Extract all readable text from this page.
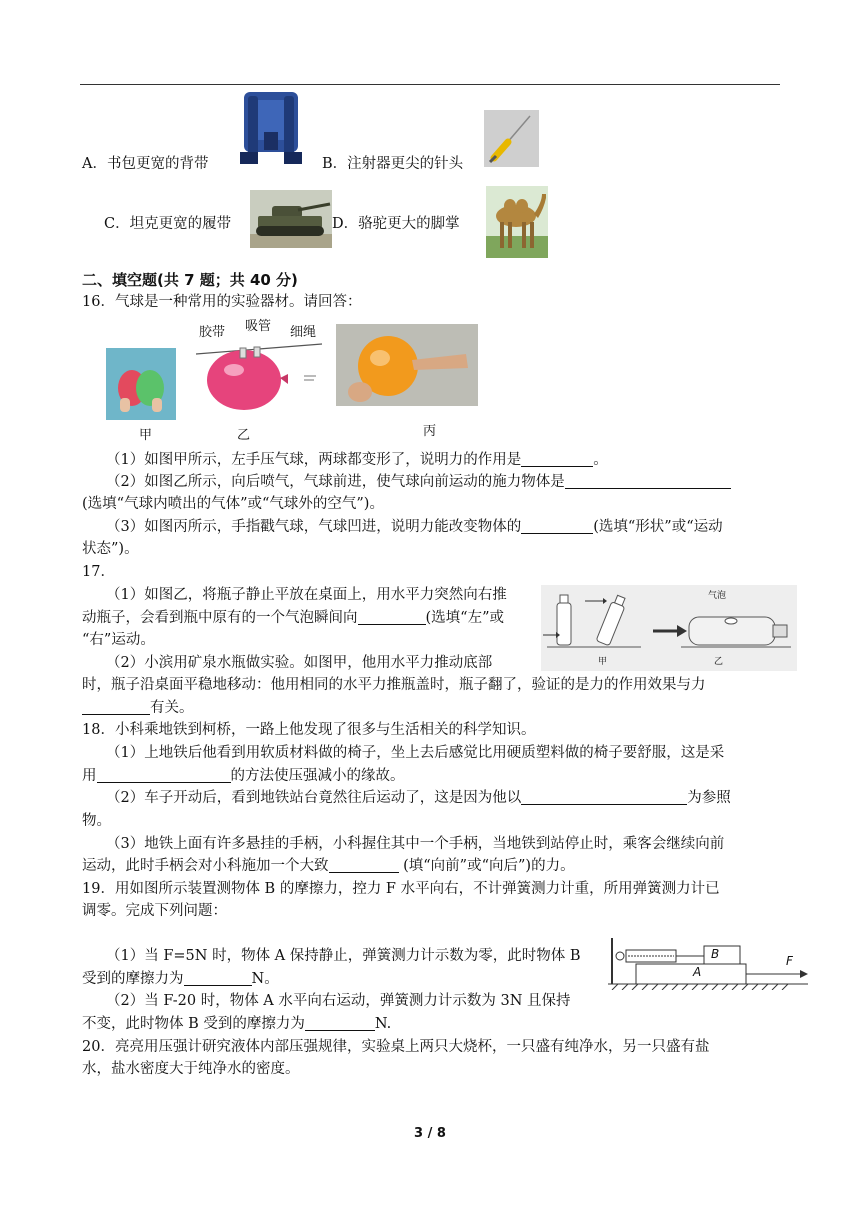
A．书包更宽的背带	B．注射器更尖的针头
C．坦克更宽的履带	D．骆驼更大的脚掌
二、填空题(共 7 题；共 40 分)
16．气球是一种常用的实验器材。请回答：
甲
胶带 吸管 细绳
乙	丙
（1）如图甲所示，左手压气球，两球都变形了，说明力的作用是	。
（2）如图乙所示，向后喷气，气球前进，使气球向前运动的施力物体是
(选填“气球内喷出的气体”或“气球外的空气”)。
（3）如图丙所示，手指戳气球，气球凹进，说明力能改变物体的	(选填“形状”或“运动
状态”)。
17．
（1）如图乙，将瓶子静止平放在桌面上，用水平力突然向右推
动瓶子，会看到瓶中原有的一个气泡瞬间向	(选填“左”或
“右”运动。
甲	乙
气泡
（2）小滨用矿泉水瓶做实验。如图甲，他用水平力推动底部
时，瓶子沿桌面平稳地移动：他用相同的水平力推瓶盖时，瓶子翻了，验证的是力的作用效果与力
有关。
18．小科乘地铁到柯桥，一路上他发现了很多与生活相关的科学知识。
（1）上地铁后他看到用软质材料做的椅子，坐上去后感觉比用硬质塑料做的椅子要舒服，这是采
用	的方法使压强减小的缘故。
（2）车子开动后，看到地铁站台竟然往后运动了，这是因为他以	为参照
物。
（3）地铁上面有许多悬挂的手柄，小科握住其中一个手柄，当地铁到站停止时，乘客会继续向前
运动，此时手柄会对小科施加一个大致	(填“向前”或“向后”)的力。
19．用如图所示装置测物体 B 的摩擦力，控力 F 水平向右，不计弹簧测力计重，所用弹簧测力计已
调零。完成下列问题：
B
A
F
（1）当 F=5N 时，物体 A 保持静止，弹簧测力计示数为零，此时物体 B
受到的摩擦力为	N。
（2）当 F-20 时，物体 A 水平向右运动，弹簧测力计示数为 3N 且保持
不变，此时物体 B 受到的摩擦力为	N.
20．亮亮用压强计研究液体内部压强规律，实验桌上两只大烧杯，一只盛有纯净水，另一只盛有盐
水，盐水密度大于纯净水的密度。
3 / 8
